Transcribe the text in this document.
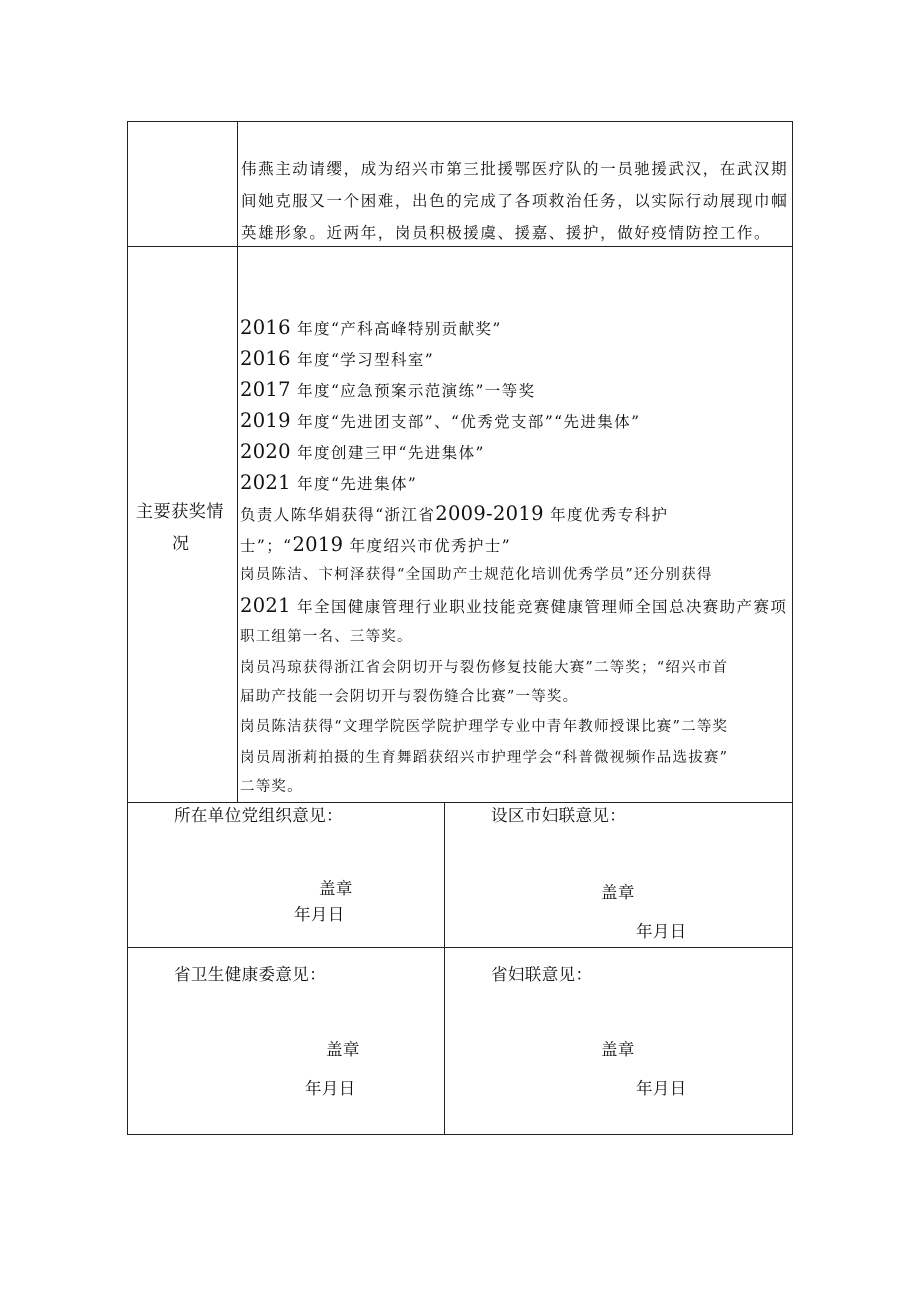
伟燕主动请缨，成为绍兴市第三批援鄂医疗队的一员驰援武汉，在武汉期
间她克服又一个困难，出色的完成了各项救治任务，以实际行动展现巾帼
英雄形象。近两年，岗员积极援虞、援嘉、援护，做好疫情防控工作。
主要获奖情
况
2016 年度“产科高峰特别贡献奖”
2016 年度“学习型科室”
2017 年度“应急预案示范演练”一等奖
2019 年度“先进团支部”、“优秀党支部”“先进集体”
2020 年度创建三甲“先进集体”
2021 年度“先进集体”
负责人陈华娟获得“浙江省2009-2019 年度优秀专科护
士”；“2019 年度绍兴市优秀护士”
岗员陈洁、卞柯泽获得“全国助产士规范化培训优秀学员”还分别获得
2021 年全国健康管理行业职业技能竞赛健康管理师全国总决赛助产赛项
职工组第一名、三等奖。
岗员冯琼获得浙江省会阴切开与裂伤修复技能大赛”二等奖；“绍兴市首
届助产技能一会阴切开与裂伤缝合比赛”一等奖。
岗员陈洁获得“文理学院医学院护理学专业中青年教师授课比赛”二等奖
岗员周浙莉拍摄的生育舞蹈获绍兴市护理学会“科普微视频作品选拔赛”
二等奖。
所在单位党组织意见：
盖章
年月日
设区市妇联意见：
盖章
年月日
省卫生健康委意见：
盖章
年月日
省妇联意见：
盖章
年月日
